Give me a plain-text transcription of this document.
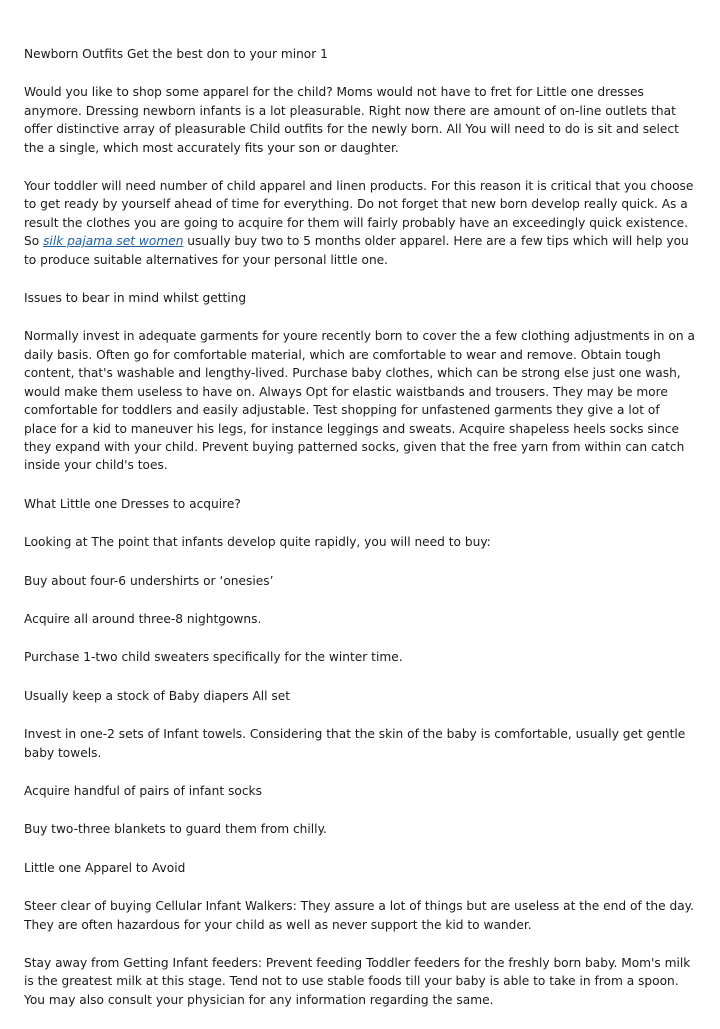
Newborn Outfits Get the best don to your minor 1

Would you like to shop some apparel for the child? Moms would not have to fret for Little one dresses anymore. Dressing newborn infants is a lot pleasurable. Right now there are amount of on-line outlets that offer distinctive array of pleasurable Child outfits for the newly born. All You will need to do is sit and select the a single, which most accurately fits your son or daughter.

Your toddler will need number of child apparel and linen products. For this reason it is critical that you choose to get ready by yourself ahead of time for everything. Do not forget that new born develop really quick. As a result the clothes you are going to acquire for them will fairly probably have an exceedingly quick existence. So silk pajama set women usually buy two to 5 months older apparel. Here are a few tips which will help you to produce suitable alternatives for your personal little one.

Issues to bear in mind whilst getting

Normally invest in adequate garments for youre recently born to cover the a few clothing adjustments in on a daily basis. Often go for comfortable material, which are comfortable to wear and remove. Obtain tough content, that's washable and lengthy-lived. Purchase baby clothes, which can be strong else just one wash, would make them useless to have on. Always Opt for elastic waistbands and trousers. They may be more comfortable for toddlers and easily adjustable. Test shopping for unfastened garments they give a lot of place for a kid to maneuver his legs, for instance leggings and sweats. Acquire shapeless heels socks since they expand with your child. Prevent buying patterned socks, given that the free yarn from within can catch inside your child's toes.

What Little one Dresses to acquire?

Looking at The point that infants develop quite rapidly, you will need to buy:

Buy about four-6 undershirts or ‘onesies’

Acquire all around three-8 nightgowns.

Purchase 1-two child sweaters specifically for the winter time.

Usually keep a stock of Baby diapers All set

Invest in one-2 sets of Infant towels. Considering that the skin of the baby is comfortable, usually get gentle baby towels.

Acquire handful of pairs of infant socks

Buy two-three blankets to guard them from chilly.

Little one Apparel to Avoid

Steer clear of buying Cellular Infant Walkers: They assure a lot of things but are useless at the end of the day. They are often hazardous for your child as well as never support the kid to wander.

Stay away from Getting Infant feeders: Prevent feeding Toddler feeders for the freshly born baby. Mom's milk is the greatest milk at this stage. Tend not to use stable foods till your baby is able to take in from a spoon. You may also consult your physician for any information regarding the same.
